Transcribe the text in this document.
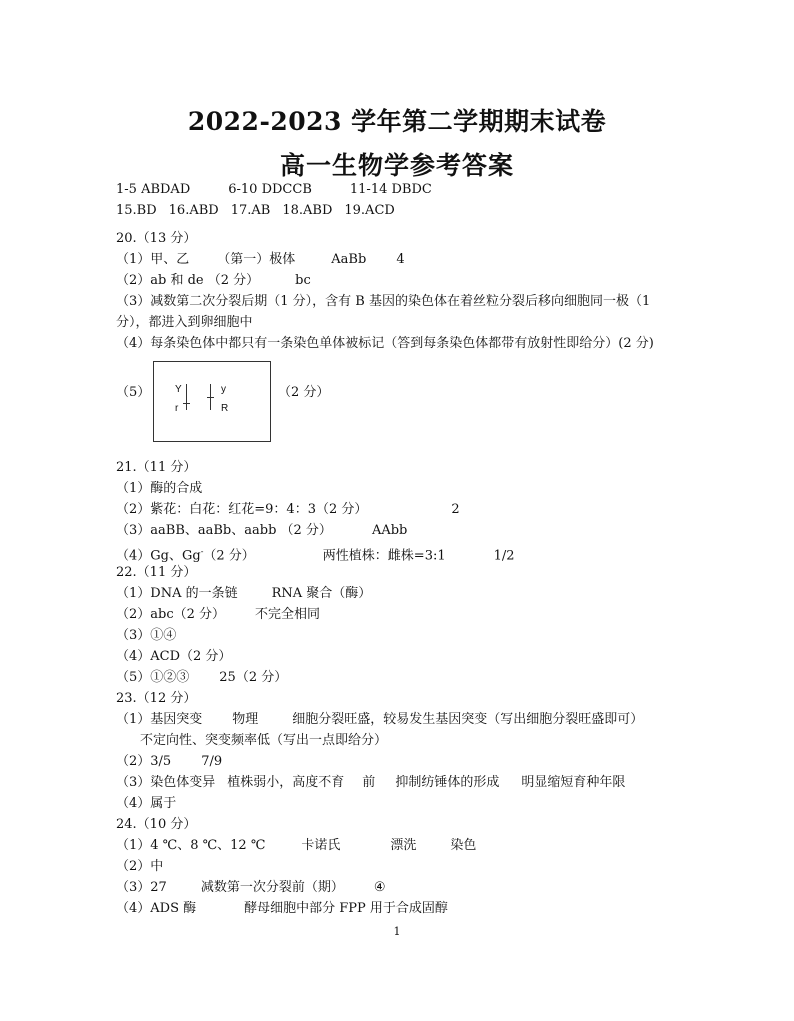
2022-2023 学年第二学期期末试卷
高一生物学参考答案
1-5 ABDAD	6-10 DDCCB	11-14 DBDC
15.BD 16.ABD 17.AB 18.ABD 19.ACD
20.（13 分）
（1）甲、乙 （第一）极体	AaBb 4
（2）ab 和 de （2 分）	bc
（3）减数第二次分裂后期（1 分），含有 B 基因的染色体在着丝粒分裂后移向细胞同一极（1
分），都进入到卵细胞中
（4）每条染色体中都只有一条染色单体被标记（答到每条染色体都带有放射性即给分）(2 分)
（5）	（2 分）
Y
r
y
R
21.（11 分）
（1）酶的合成
（2）紫花：白花：红花=9：4：3（2 分）	2
（3）aaBB、aaBb、aabb （2 分）	AAbb
（4）Gg、Gg-（2 分）	两性植株：雌株=3:1	1/2
22.（11 分）
（1）DNA 的一条链	RNA 聚合（酶）
（2）abc（2 分） 不完全相同
（3）①④
（4）ACD（2 分）
（5）①②③ 25（2 分）
23.（12 分）
（1）基因突变 物理	细胞分裂旺盛，较易发生基因突变（写出细胞分裂旺盛即可）
不定向性、突变频率低（写出一点即给分）
（2）3/5 7/9
（3）染色体变异 植株弱小，高度不育 前 抑制纺锤体的形成 明显缩短育种年限
（4）属于
24.（10 分）
（1）4 ℃、8 ℃、12 ℃	卡诺氏	漂洗	染色
（2）中
（3）27	减数第一次分裂前（期） ④
（4）ADS 酶	酵母细胞中部分 FPP 用于合成固醇
1
